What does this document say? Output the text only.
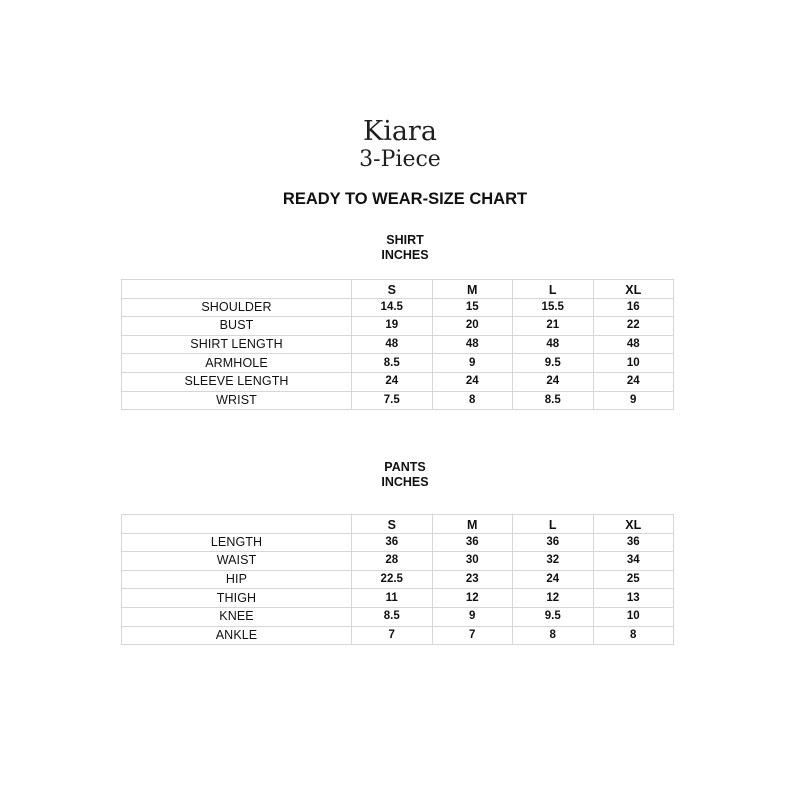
Kiara
3-Piece
READY TO WEAR-SIZE CHART
SHIRT
INCHES
	S	M	L	XL
SHOULDER	14.5	15	15.5	16
BUST	19	20	21	22
SHIRT LENGTH	48	48	48	48
ARMHOLE	8.5	9	9.5	10
SLEEVE LENGTH	24	24	24	24
WRIST	7.5	8	8.5	9
PANTS
INCHES
	S	M	L	XL
LENGTH	36	36	36	36
WAIST	28	30	32	34
HIP	22.5	23	24	25
THIGH	11	12	12	13
KNEE	8.5	9	9.5	10
ANKLE	7	7	8	8
